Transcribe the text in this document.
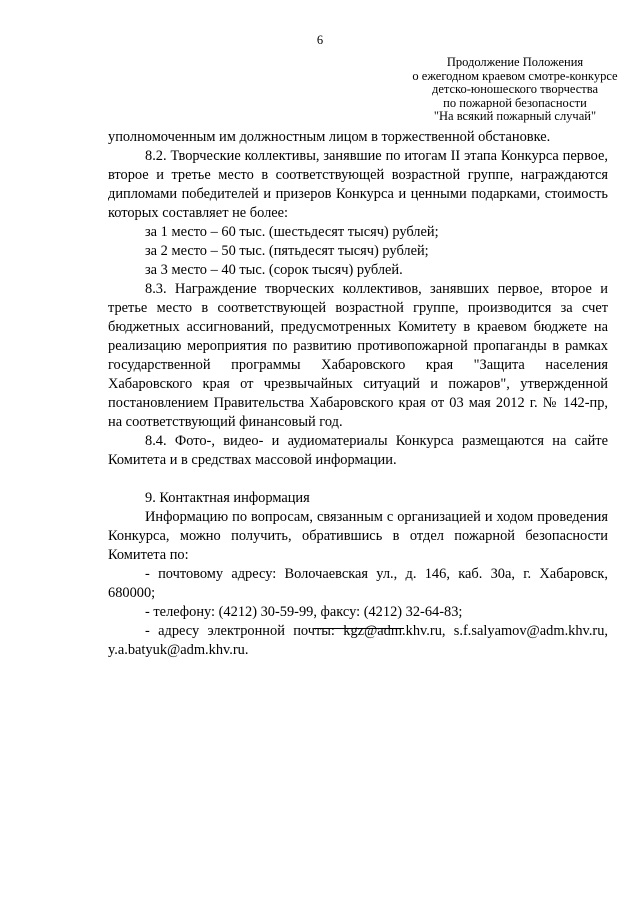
6
Продолжение Положения
о ежегодном краевом смотре-конкурсе
детско-юношеского творчества
по пожарной безопасности
"На всякий пожарный случай"

уполномоченным им должностным лицом в торжественной обстановке.

8.2. Творческие коллективы, занявшие по итогам II этапа Конкурса первое, второе и третье место в соответствующей возрастной группе, награждаются дипломами победителей и призеров Конкурса и ценными подарками, стоимость которых составляет не более:

за 1 место – 60 тыс. (шестьдесят тысяч) рублей;

за 2 место – 50 тыс. (пятьдесят тысяч) рублей;

за 3 место – 40 тыс. (сорок тысяч) рублей.

8.3. Награждение творческих коллективов, занявших первое, второе и третье место в соответствующей возрастной группе, производится за счет бюджетных ассигнований, предусмотренных Комитету в краевом бюджете на реализацию мероприятия по развитию противопожарной пропаганды в рамках государственной программы Хабаровского края "Защита населения Хабаровского края от чрезвычайных ситуаций и пожаров", утвержденной постановлением Правительства Хабаровского края от 03 мая 2012 г. № 142-пр, на соответствующий финансовый год.

8.4. Фото-, видео- и аудиоматериалы Конкурса размещаются на сайте Комитета и в средствах массовой информации.

9. Контактная информация

Информацию по вопросам, связанным с организацией и ходом проведения Конкурса, можно получить, обратившись в отдел пожарной безопасности Комитета по:

- почтовому адресу: Волочаевская ул., д. 146, каб. 30а, г. Хабаровск, 680000;

- телефону: (4212) 30-59-99, факсу: (4212) 32-64-83;

- адресу электронной почты: kgz@adm.khv.ru, s.f.salyamov@adm.khv.ru, y.a.batyuk@adm.khv.ru.
